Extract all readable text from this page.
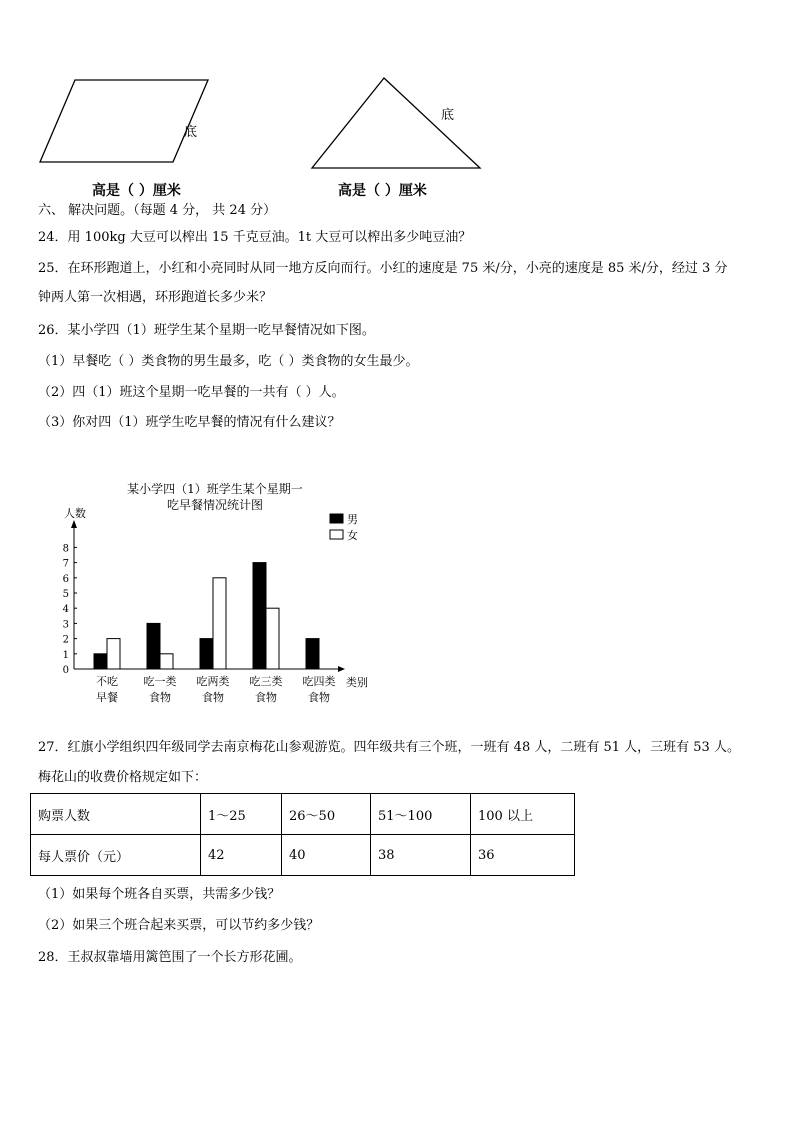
底
底
高是（ ）厘米	高是（ ）厘米
六、 解决问题。（每题 4 分， 共 24 分）
24．用 100kg 大豆可以榨出 15 千克豆油。1t 大豆可以榨出多少吨豆油？
25．在环形跑道上，小红和小亮同时从同一地方反向而行。小红的速度是 75 米/分，小亮的速度是 85 米/分，经过 3 分
钟两人第一次相遇，环形跑道长多少米？
26．某小学四（1）班学生某个星期一吃早餐情况如下图。
（1）早餐吃（ ）类食物的男生最多，吃（ ）类食物的女生最少。
（2）四（1）班这个星期一吃早餐的一共有（ ）人。
（3）你对四（1）班学生吃早餐的情况有什么建议？
某小学四（1）班学生某个星期一
吃早餐情况统计图
人数
0
1
2
3
4
5
6
7
8
类别
不吃
早餐
吃一类
食物
吃两类
食物
吃三类
食物
吃四类
食物
男
女
27．红旗小学组织四年级同学去南京梅花山参观游览。四年级共有三个班，一班有 48 人，二班有 51 人，三班有 53 人。
梅花山的收费价格规定如下：
购票人数	1～25	26～50	51～100	100 以上
每人票价（元）	42	40	38	36
（1）如果每个班各自买票，共需多少钱？
（2）如果三个班合起来买票，可以节约多少钱？
28．王叔叔靠墙用篱笆围了一个长方形花圃。
